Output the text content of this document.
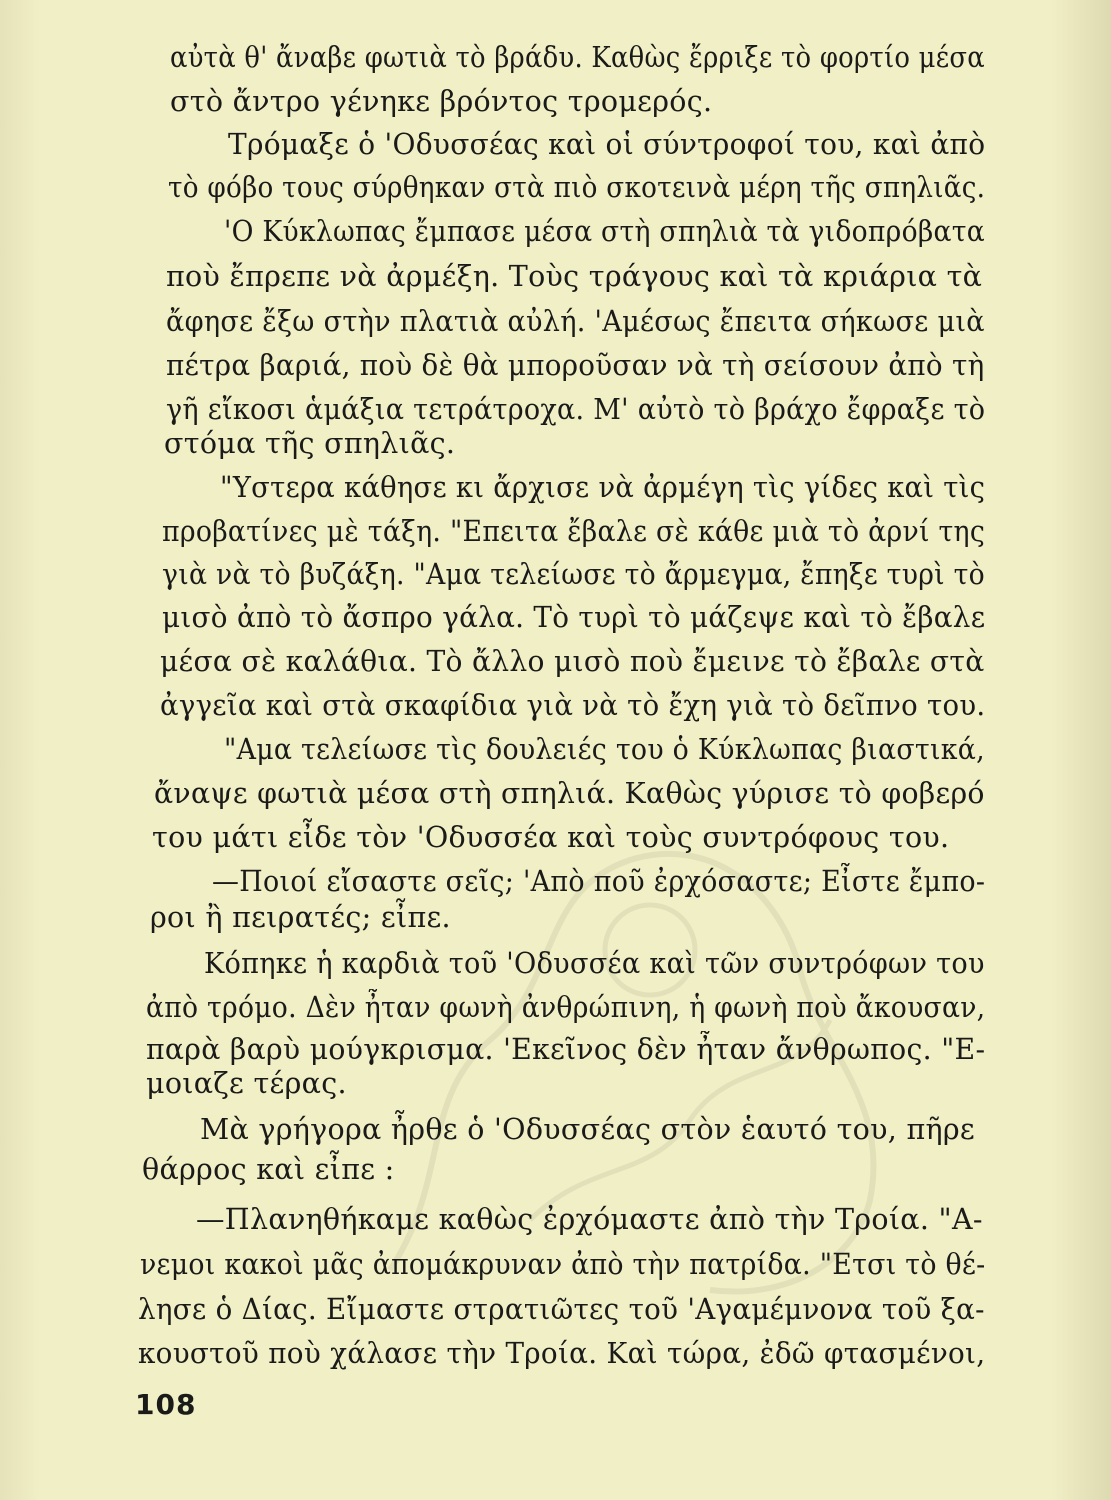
αὐτὰ θ' ἄναβε φωτιὰ τὸ βράδυ. Καθὼς ἔρριξε τὸ φορτίο μέσα
στὸ ἄντρο γένηκε βρόντος τρομερός.
Τρόμαξε ὁ 'Οδυσσέας καὶ οἱ σύντροφοί του, καὶ ἀπὸ
τὸ φόβο τους σύρθηκαν στὰ πιὸ σκοτεινὰ μέρη τῆς σπηλιᾶς.
'Ο Κύκλωπας ἔμπασε μέσα στὴ σπηλιὰ τὰ γιδοπρόβατα
ποὺ ἔπρεπε νὰ ἀρμέξη. Τοὺς τράγους καὶ τὰ κριάρια τὰ
ἄφησε ἔξω στὴν πλατιὰ αὐλή. 'Αμέσως ἔπειτα σήκωσε μιὰ
πέτρα βαριά, ποὺ δὲ θὰ μποροῦσαν νὰ τὴ σείσουν ἀπὸ τὴ
γῆ εἴκοσι ἁμάξια τετράτροχα. Μ' αὐτὸ τὸ βράχο ἔφραξε τὸ
στόμα τῆς σπηλιᾶς.
"Υστερα κάθησε κι ἄρχισε νὰ ἀρμέγη τὶς γίδες καὶ τὶς
προβατίνες μὲ τάξη. "Επειτα ἔβαλε σὲ κάθε μιὰ τὸ ἀρνί της
γιὰ νὰ τὸ βυζάξη. "Αμα τελείωσε τὸ ἄρμεγμα, ἔπηξε τυρὶ τὸ
μισὸ ἀπὸ τὸ ἄσπρο γάλα. Τὸ τυρὶ τὸ μάζεψε καὶ τὸ ἔβαλε
μέσα σὲ καλάθια. Τὸ ἄλλο μισὸ ποὺ ἔμεινε τὸ ἔβαλε στὰ
ἀγγεῖα καὶ στὰ σκαφίδια γιὰ νὰ τὸ ἔχη γιὰ τὸ δεῖπνο του.
"Αμα τελείωσε τὶς δουλειές του ὁ Κύκλωπας βιαστικά,
ἄναψε φωτιὰ μέσα στὴ σπηλιά. Καθὼς γύρισε τὸ φοβερό
του μάτι εἶδε τὸν 'Οδυσσέα καὶ τοὺς συντρόφους του.
—Ποιοί εἴσαστε σεῖς; 'Απὸ ποῦ ἐρχόσαστε; Εἶστε ἔμπο-
ροι ἢ πειρατές; εἶπε.
Κόπηκε ἡ καρδιὰ τοῦ 'Οδυσσέα καὶ τῶν συντρόφων του
ἀπὸ τρόμο. Δὲν ἦταν φωνὴ ἀνθρώπινη, ἡ φωνὴ ποὺ ἄκουσαν,
παρὰ βαρὺ μούγκρισμα. 'Εκεῖνος δὲν ἦταν ἄνθρωπος. "Ε-
μοιαζε τέρας.
Μὰ γρήγορα ἦρθε ὁ 'Οδυσσέας στὸν ἑαυτό του, πῆρε
θάρρος καὶ εἶπε :
—Πλανηθήκαμε καθὼς ἐρχόμαστε ἀπὸ τὴν Τροία. "Α-
νεμοι κακοὶ μᾶς ἀπομάκρυναν ἀπὸ τὴν πατρίδα. "Ετσι τὸ θέ-
λησε ὁ Δίας. Εἴμαστε στρατιῶτες τοῦ 'Αγαμέμνονα τοῦ ξα-
κουστοῦ ποὺ χάλασε τὴν Τροία. Καὶ τώρα, ἐδῶ φτασμένοι,
108
